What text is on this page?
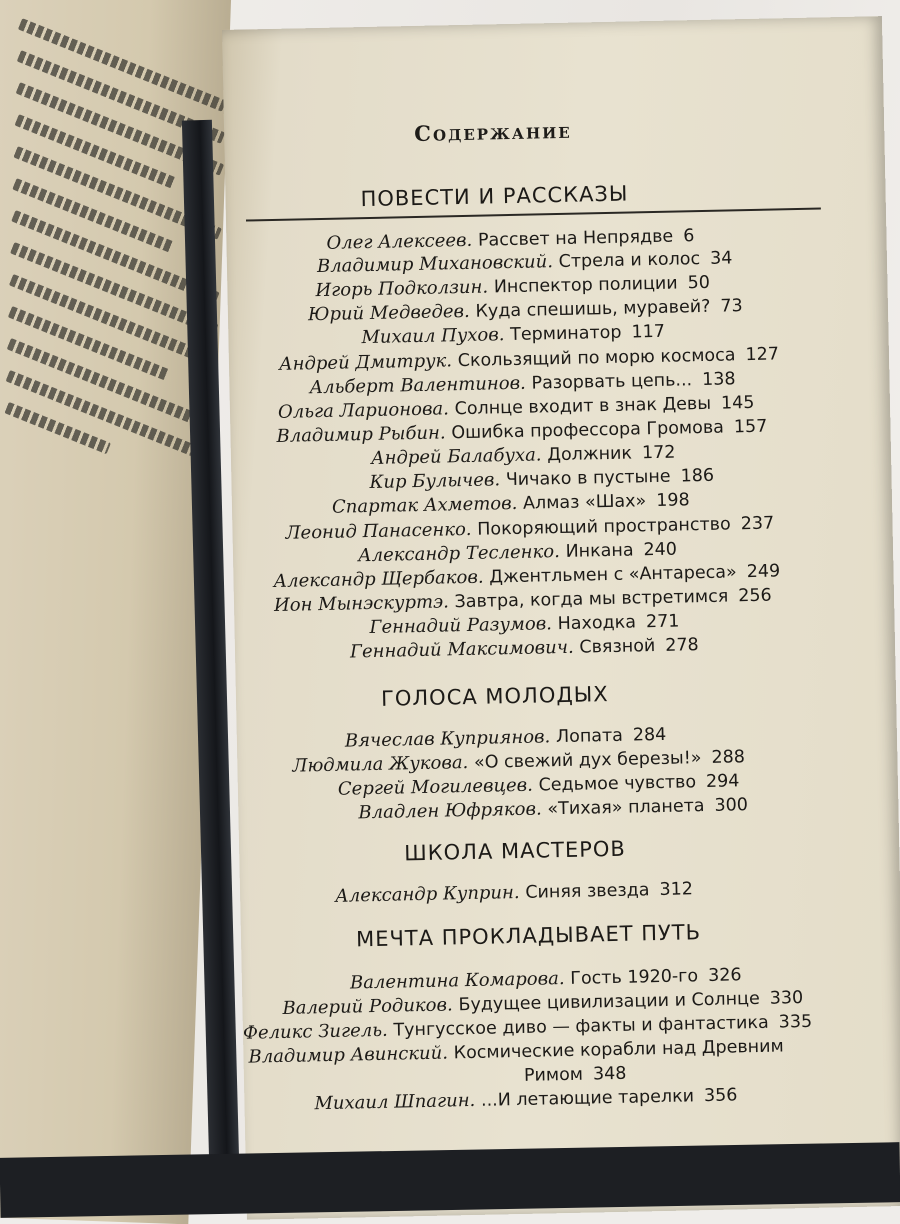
Содержание
ПОВЕСТИ И РАССКАЗЫ
Олег Алексеев. Рассвет на Непрядве 6
Владимир Михановский. Стрела и колос 34
Игорь Подколзин. Инспектор полиции 50
Юрий Медведев. Куда спешишь, муравей? 73
Михаил Пухов. Терминатор 117
Андрей Дмитрук. Скользящий по морю космоса 127
Альберт Валентинов. Разорвать цепь... 138
Ольга Ларионова. Солнце входит в знак Девы 145
Владимир Рыбин. Ошибка профессора Громова 157
Андрей Балабуха. Должник 172
Кир Булычев. Чичако в пустыне 186
Спартак Ахметов. Алмаз «Шах» 198
Леонид Панасенко. Покоряющий пространство 237
Александр Тесленко. Инкана 240
Александр Щербаков. Джентльмен с «Антареса» 249
Ион Мынэскуртэ. Завтра, когда мы встретимся 256
Геннадий Разумов. Находка 271
Геннадий Максимович. Связной 278
ГОЛОСА МОЛОДЫХ
Вячеслав Куприянов. Лопата 284
Людмила Жукова. «О свежий дух березы!» 288
Сергей Могилевцев. Седьмое чувство 294
Владлен Юфряков. «Тихая» планета 300
ШКОЛА МАСТЕРОВ
Александр Куприн. Синяя звезда 312
МЕЧТА ПРОКЛАДЫВАЕТ ПУТЬ
Валентина Комарова. Гость 1920-го 326
Валерий Родиков. Будущее цивилизации и Солнце 330
Феликс Зигель. Тунгусское диво — факты и фантастика 335
Владимир Авинский. Космические корабли над Древним
Римом 348
Михаил Шпагин. ...И летающие тарелки 356
